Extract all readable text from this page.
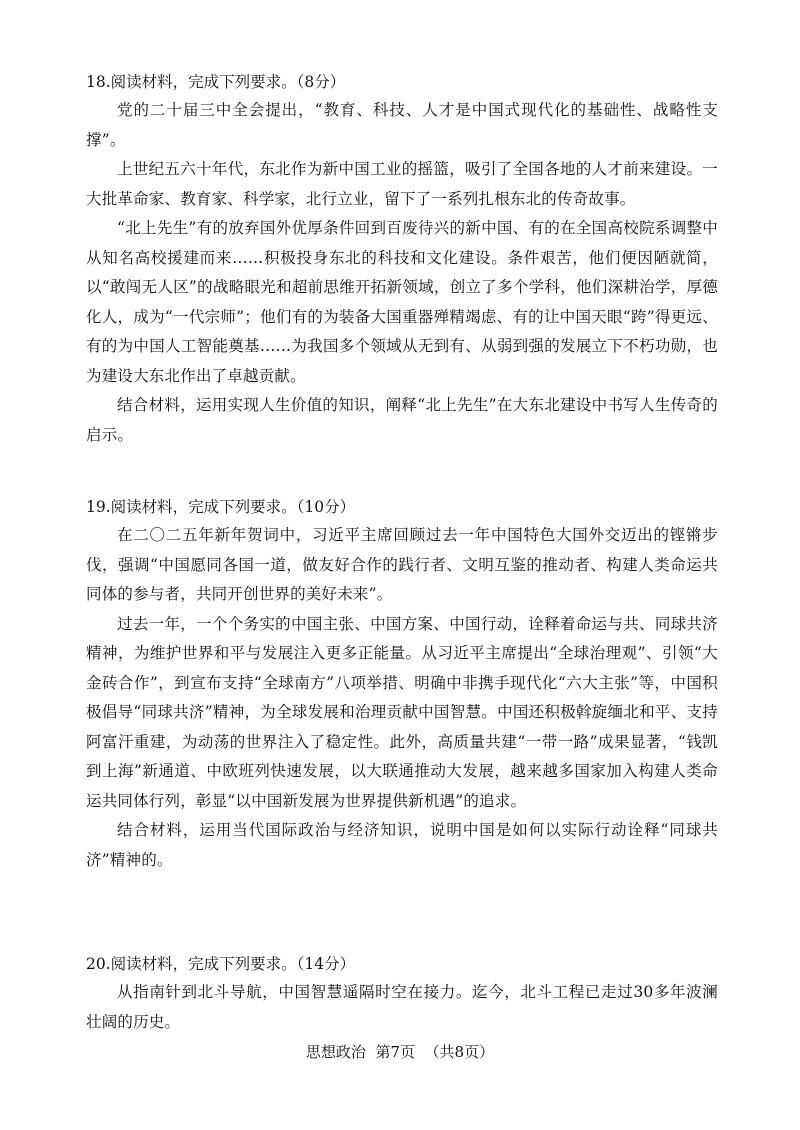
18.阅读材料，完成下列要求。（8分）

党的二十届三中全会提出，“教育、科技、人才是中国式现代化的基础性、战略性支撑”。

上世纪五六十年代，东北作为新中国工业的摇篮，吸引了全国各地的人才前来建设。一大批革命家、教育家、科学家，北行立业，留下了一系列扎根东北的传奇故事。

“北上先生”有的放弃国外优厚条件回到百废待兴的新中国、有的在全国高校院系调整中从知名高校援建而来……积极投身东北的科技和文化建设。条件艰苦，他们便因陋就简，以“敢闯无人区”的战略眼光和超前思维开拓新领域，创立了多个学科，他们深耕治学，厚德化人，成为“一代宗师”；他们有的为装备大国重器殚精竭虑、有的让中国天眼“跨”得更远、有的为中国人工智能奠基……为我国多个领域从无到有、从弱到强的发展立下不朽功勋，也为建设大东北作出了卓越贡献。

结合材料，运用实现人生价值的知识，阐释“北上先生”在大东北建设中书写人生传奇的启示。

19.阅读材料，完成下列要求。（10分）

在二〇二五年新年贺词中，习近平主席回顾过去一年中国特色大国外交迈出的铿锵步伐，强调“中国愿同各国一道，做友好合作的践行者、文明互鉴的推动者、构建人类命运共同体的参与者，共同开创世界的美好未来”。

过去一年，一个个务实的中国主张、中国方案、中国行动，诠释着命运与共、同球共济精神，为维护世界和平与发展注入更多正能量。从习近平主席提出“全球治理观”、引领“大金砖合作”，到宣布支持“全球南方”八项举措、明确中非携手现代化“六大主张”等，中国积极倡导“同球共济”精神，为全球发展和治理贡献中国智慧。中国还积极斡旋缅北和平、支持阿富汗重建，为动荡的世界注入了稳定性。此外，高质量共建“一带一路”成果显著，“钱凯到上海”新通道、中欧班列快速发展，以大联通推动大发展，越来越多国家加入构建人类命运共同体行列，彰显“以中国新发展为世界提供新机遇”的追求。

结合材料，运用当代国际政治与经济知识，说明中国是如何以实际行动诠释“同球共济”精神的。

20.阅读材料，完成下列要求。（14分）

从指南针到北斗导航，中国智慧遥隔时空在接力。迄今，北斗工程已走过30多年波澜壮阔的历史。

思想政治  第7页  （共8页）
